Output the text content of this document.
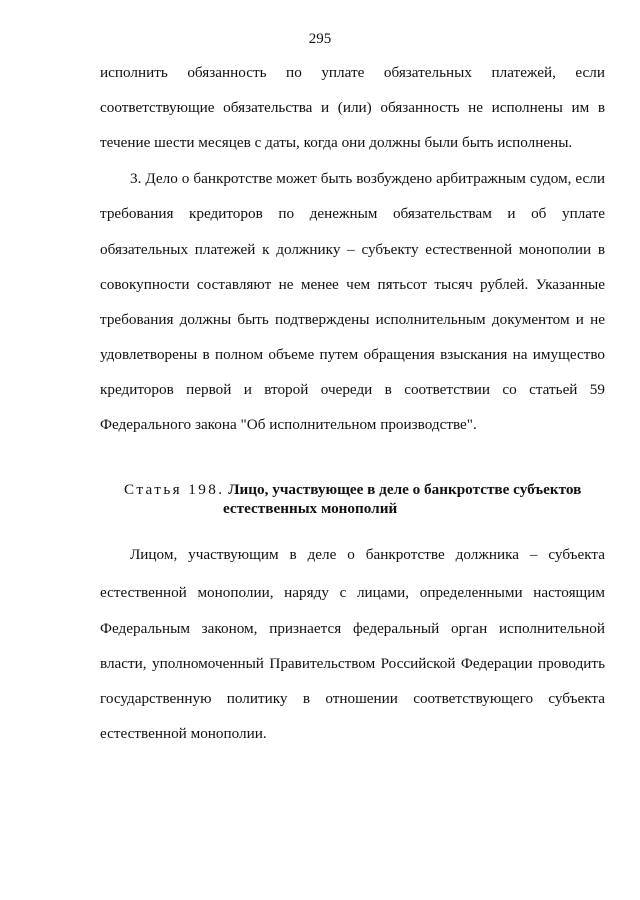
295
исполнить обязанность по уплате обязательных платежей, если
соответствующие обязательства и (или) обязанность не исполнены им в
течение шести месяцев с даты, когда они должны были быть исполнены.
3. Дело о банкротстве может быть возбуждено арбитражным судом, если
требования кредиторов по денежным обязательствам и об уплате
обязательных платежей к должнику – субъекту естественной монополии в
совокупности составляют не менее чем пятьсот тысяч рублей. Указанные
требования должны быть подтверждены исполнительным документом и не
удовлетворены в полном объеме путем обращения взыскания на имущество
кредиторов первой и второй очереди в соответствии со статьей 59
Федерального закона "Об исполнительном производстве".
Статья 198. Лицо, участвующее в деле о банкротстве субъектов
естественных монополий
Лицом, участвующим в деле о банкротстве должника – субъекта
естественной монополии, наряду с лицами, определенными настоящим
Федеральным законом, признается федеральный орган исполнительной
власти, уполномоченный Правительством Российской Федерации проводить
государственную политику в отношении соответствующего субъекта
естественной монополии.
